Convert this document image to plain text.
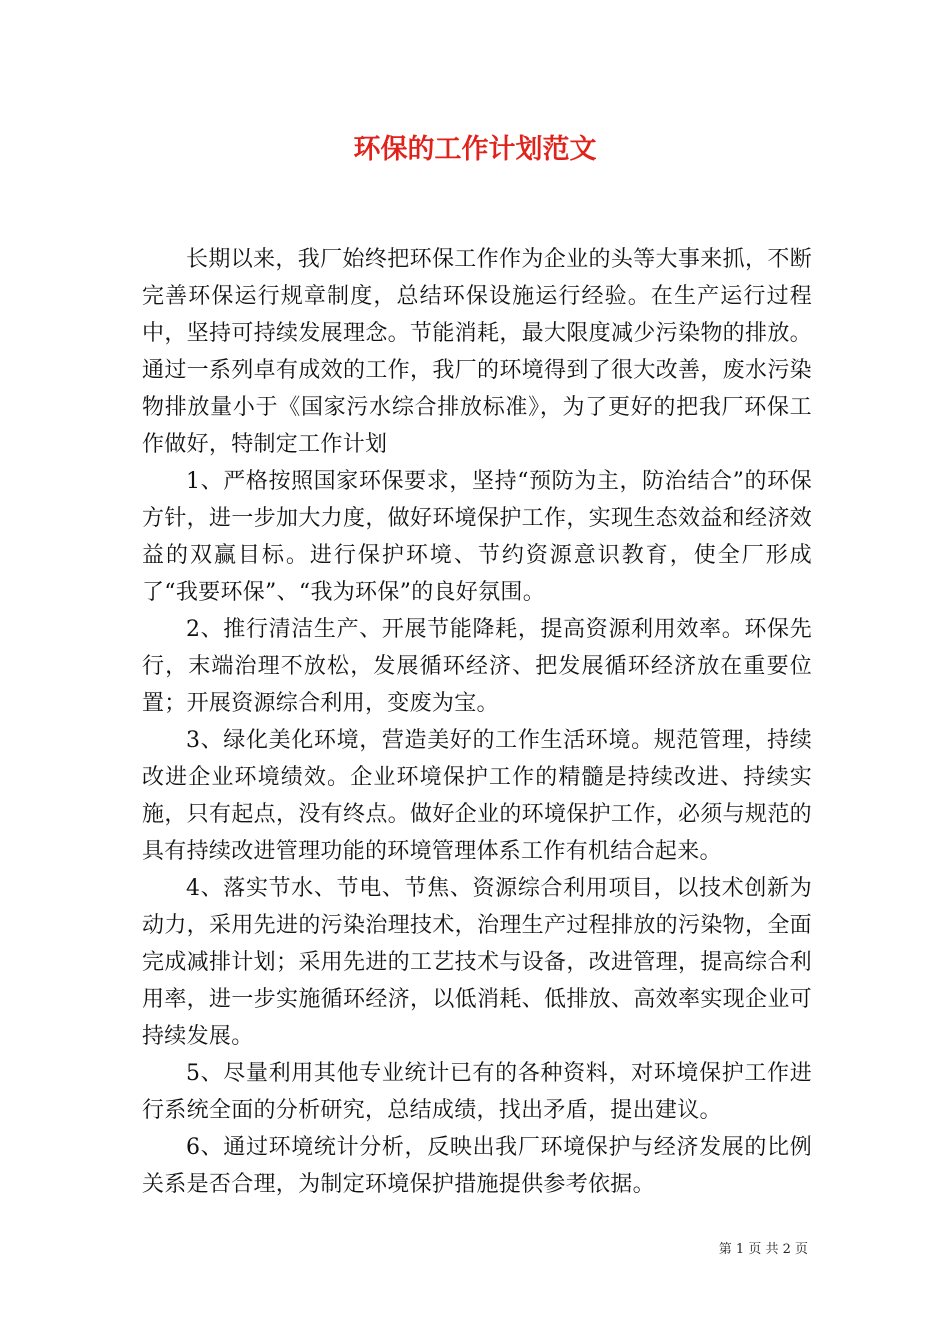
环保的工作计划范文

长期以来，我厂始终把环保工作作为企业的头等大事来抓，不断完善环保运行规章制度，总结环保设施运行经验。在生产运行过程中，坚持可持续发展理念。节能消耗，最大限度减少污染物的排放。通过一系列卓有成效的工作，我厂的环境得到了很大改善，废水污染物排放量小于《国家污水综合排放标准》，为了更好的把我厂环保工作做好，特制定工作计划

1、严格按照国家环保要求，坚持“预防为主，防治结合”的环保方针，进一步加大力度，做好环境保护工作，实现生态效益和经济效益的双赢目标。进行保护环境、节约资源意识教育，使全厂形成了“我要环保”、“我为环保”的良好氛围。

2、推行清洁生产、开展节能降耗，提高资源利用效率。环保先行，末端治理不放松，发展循环经济、把发展循环经济放在重要位置；开展资源综合利用，变废为宝。

3、绿化美化环境，营造美好的工作生活环境。规范管理，持续改进企业环境绩效。企业环境保护工作的精髓是持续改进、持续实施，只有起点，没有终点。做好企业的环境保护工作，必须与规范的具有持续改进管理功能的环境管理体系工作有机结合起来。

4、落实节水、节电、节焦、资源综合利用项目，以技术创新为动力，采用先进的污染治理技术，治理生产过程排放的污染物，全面完成减排计划；采用先进的工艺技术与设备，改进管理，提高综合利用率，进一步实施循环经济，以低消耗、低排放、高效率实现企业可持续发展。

5、尽量利用其他专业统计已有的各种资料，对环境保护工作进行系统全面的分析研究，总结成绩，找出矛盾，提出建议。

6、通过环境统计分析，反映出我厂环境保护与经济发展的比例关系是否合理，为制定环境保护措施提供参考依据。

第 1 页 共 2 页
